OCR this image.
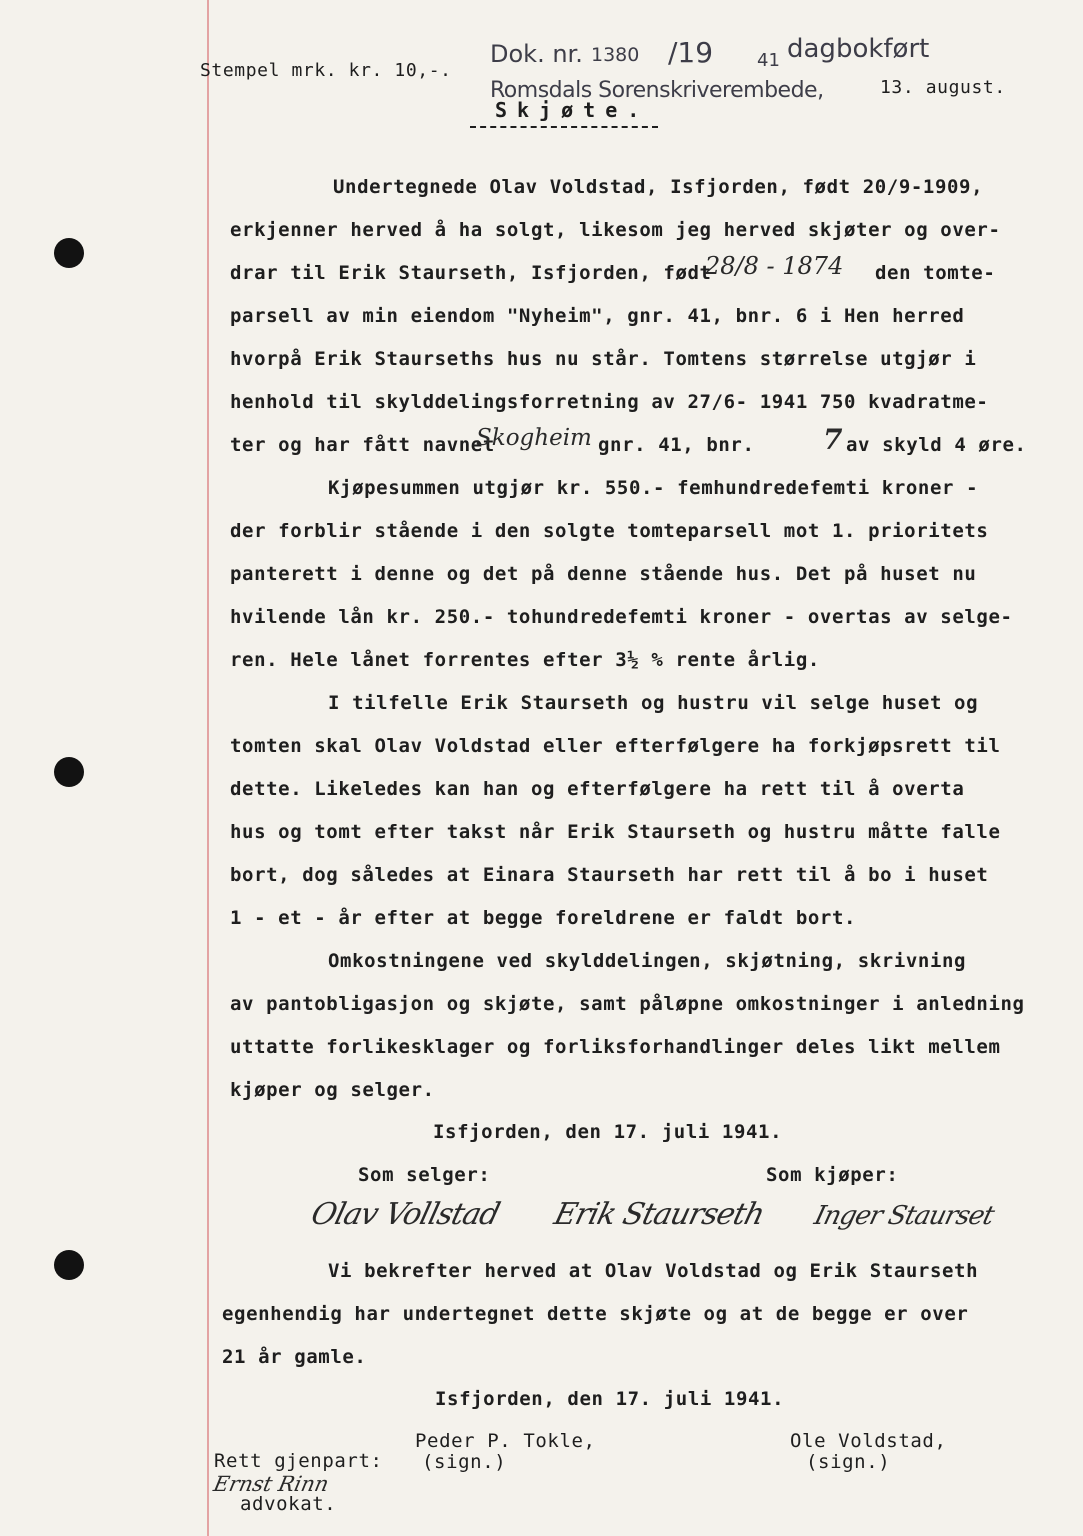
Stempel mrk. kr. 10,-.
Dok. nr. 1380 /19 41 dagbokført
Romsdals Sorenskriverembede,	13. august.
Skjøte.
Undertegnede Olav Voldstad, Isfjorden, født 20/9-1909,
erkjenner herved å ha solgt, likesom jeg herved skjøter og over-
drar til Erik Staurseth, Isfjorden, født
28/8 - 1874 den tomte-
parsell av min eiendom "Nyheim", gnr. 41, bnr. 6 i Hen herred
hvorpå Erik Staurseths hus nu står. Tomtens størrelse utgjør i
henhold til skylddelingsforretning av 27/6- 1941 750 kvadratme-
ter og har fått navnet
Skogheim gnr. 41, bnr. 7 av skyld 4 øre.
Kjøpesummen utgjør kr. 550.- femhundredefemti kroner -
der forblir stående i den solgte tomteparsell mot 1. prioritets
panterett i denne og det på denne stående hus. Det på huset nu
hvilende lån kr. 250.- tohundredefemti kroner - overtas av selge-
ren. Hele lånet forrentes efter 3½ % rente årlig.
I tilfelle Erik Staurseth og hustru vil selge huset og
tomten skal Olav Voldstad eller efterfølgere ha forkjøpsrett til
dette. Likeledes kan han og efterfølgere ha rett til å overta
hus og tomt efter takst når Erik Staurseth og hustru måtte falle
bort, dog således at Einara Staurseth har rett til å bo i huset
1 - et - år efter at begge foreldrene er faldt bort.
Omkostningene ved skylddelingen, skjøtning, skrivning
av pantobligasjon og skjøte, samt påløpne omkostninger i anledning
uttatte forlikеsklager og forliksforhandlinger deles likt mellem
kjøper og selger.
Isfjorden, den 17. juli 1941.
Som selger:	Som kjøper:
Olav Vollstad Erik Staurseth Inger Staurset
Vi bekrefter herved at Olav Voldstad og Erik Staurseth
egenhendig har undertegnet dette skjøte og at de begge er over
21 år gamle.
Isfjorden, den 17. juli 1941.
Peder P. Tokle,
(sign.)
Ole Voldstad,
(sign.)
Rett gjenpart:
Ernst Rinn
advokat.
